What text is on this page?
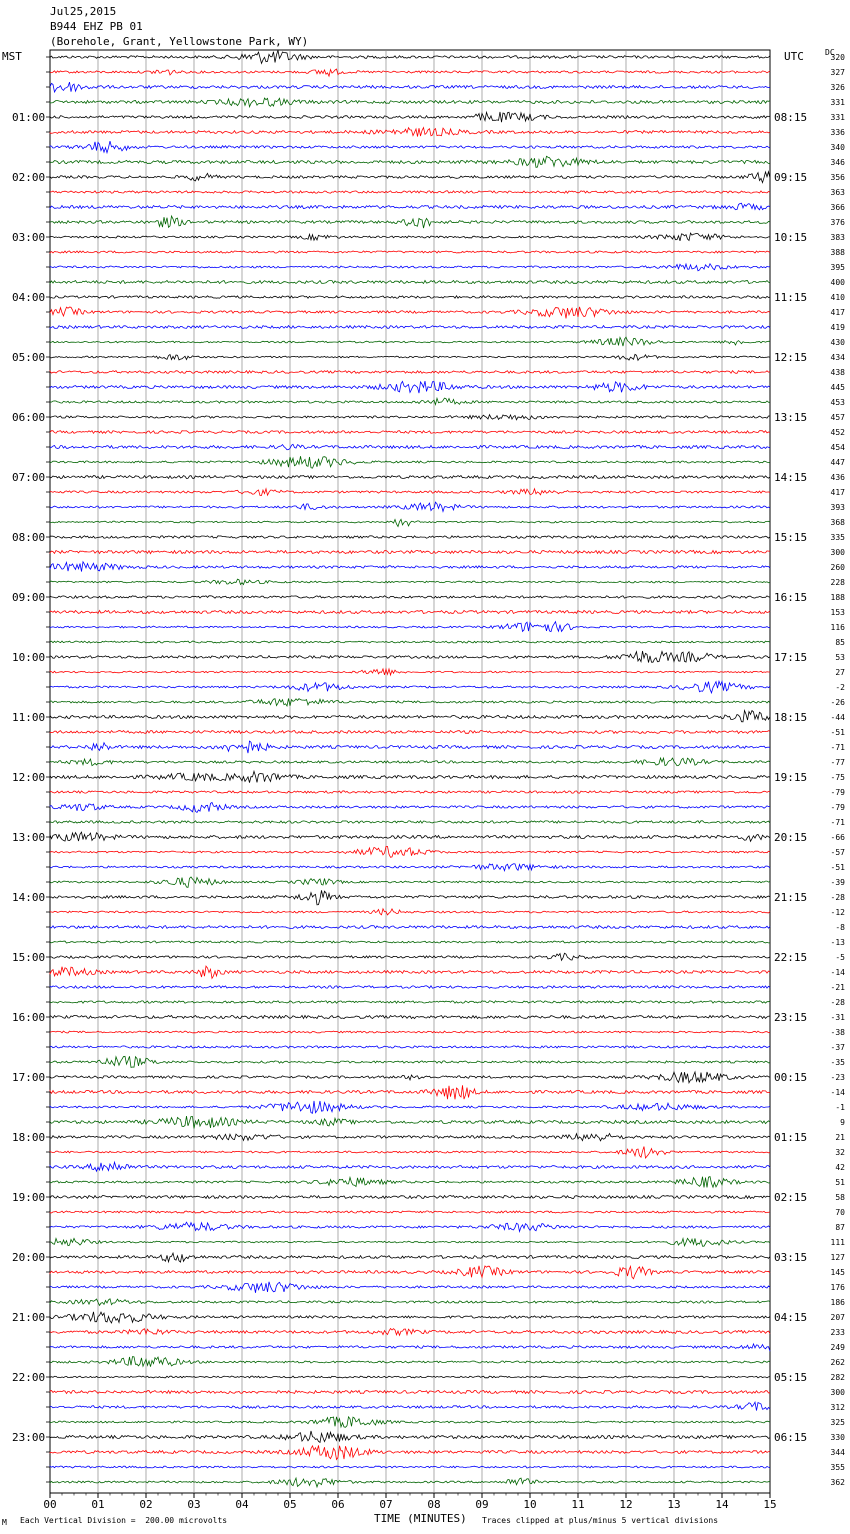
Jul25,2015
B944 EHZ PB 01
(Borehole, Grant, Yellowstone Park, WY)
MST	UTC	DC
00	01	02	03	04	05	06	07	08	09	10	11	12	13	14	15
320
327
326
331
331
336
340
346
356
363
366
376
383
388
395
400
410
417
419
430
434
438
445
453
457
452
454
447
436
417
393
368
335
300
260
228
188
153
116
85
53
27
-2
-26
-44
-51
-71
-77
-75
-79
-79
-71
-66
-57
-51
-39
-28
-12
-8
-13
-5
-14
-21
-28
-31
-38
-37
-35
-23
-14
-1
9
21
32
42
51
58
70
87
111
127
145
176
186
207
233
249
262
282
300
312
325
330
344
355
362
01:00
02:00
03:00
04:00
05:00
06:00
07:00
08:00
09:00
10:00
11:00
12:00
13:00
14:00
15:00
16:00
17:00
18:00
19:00
20:00
21:00
22:00
23:00
08:15
09:15
10:15
11:15
12:15
13:15
14:15
15:15
16:15
17:15
18:15
19:15
20:15
21:15
22:15
23:15
00:15
01:15
02:15
03:15
04:15
05:15
06:15
TIME (MINUTES)
M Each Vertical Division =  200.00 microvolts	Traces clipped at plus/minus 5 vertical divisions
